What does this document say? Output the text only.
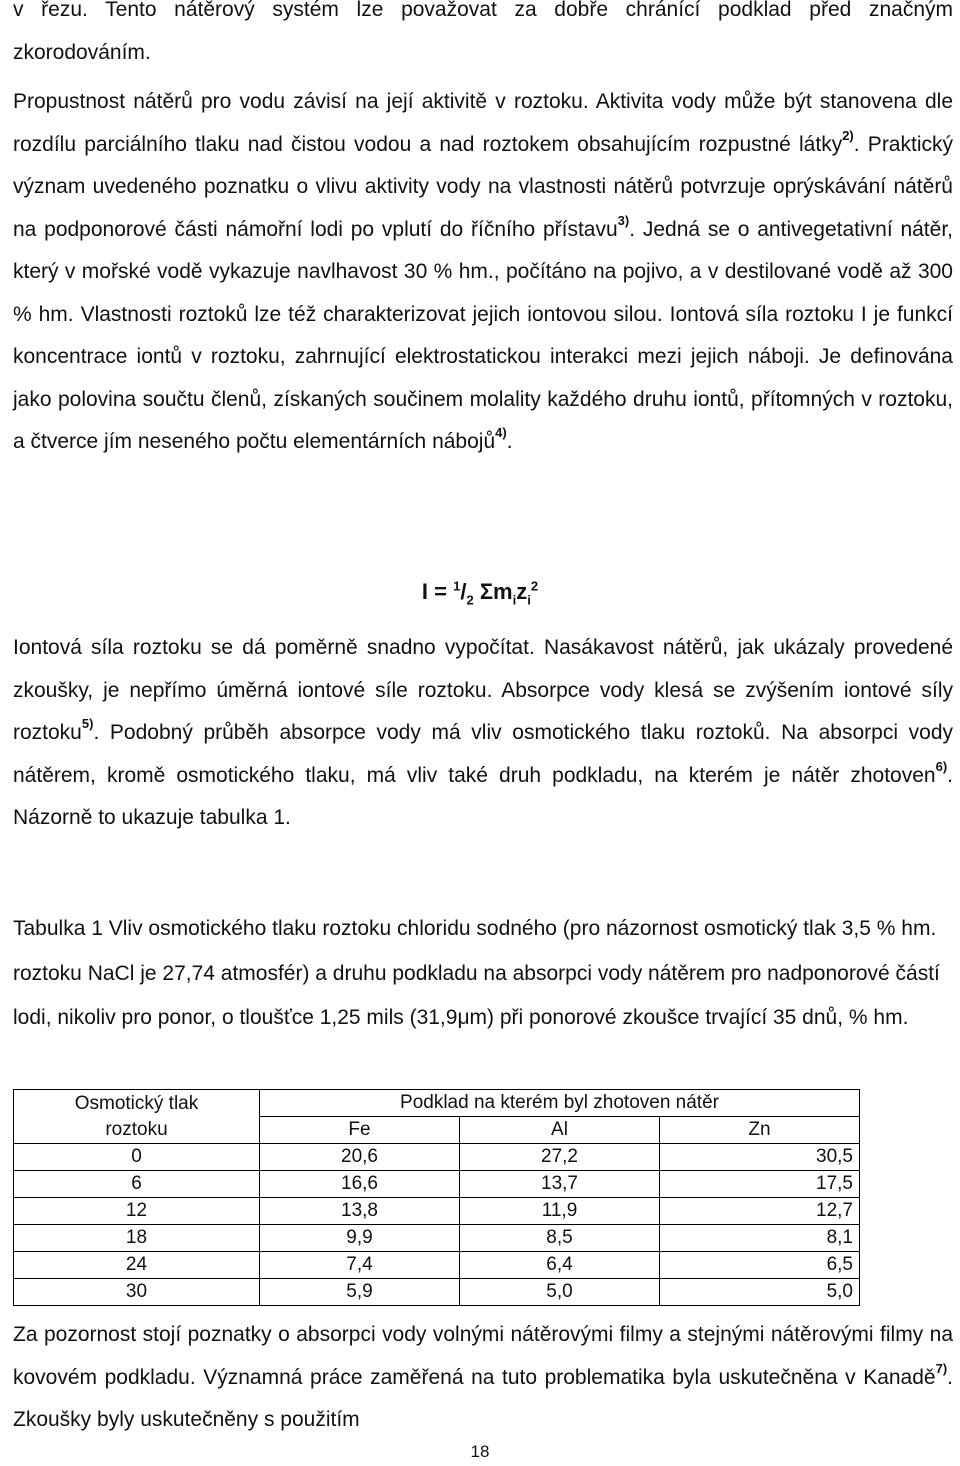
v řezu. Tento nátěrový systém lze považovat za dobře chránící podklad před značným zkorodováním.

Propustnost nátěrů pro vodu závisí na její aktivitě v roztoku. Aktivita vody může být stanovena dle rozdílu parciálního tlaku nad čistou vodou a nad roztokem obsahujícím rozpustné látky$^{2)}$. Praktický význam uvedeného poznatku o vlivu aktivity vody na vlastnosti nátěrů potvrzuje oprýskávání nátěrů na podponorové části námořní lodi po vplutí do říčního přístavu$^{3)}$. Jedná se o antivegetativní nátěr, který v mořské vodě vykazuje navlhavost 30 % hm., počítáno na pojivo, a v destilované vodě až 300 % hm. Vlastnosti roztoků lze též charakterizovat jejich iontovou silou. Iontová síla roztoku I je funkcí koncentrace iontů v roztoku, zahrnující elektrostatickou interakci mezi jejich náboji. Je definována jako polovina součtu členů, získaných součinem molality každého druhu iontů, přítomných v roztoku, a čtverce jím neseného počtu elementárních nábojů$^{4)}$.

$I = ^1/_2$ $\Sigma m_iz_i^2$

Iontová síla roztoku se dá poměrně snadno vypočítat. Nasákavost nátěrů, jak ukázaly provedené zkoušky, je nepřímo úměrná iontové síle roztoku. Absorpce vody klesá se zvýšením iontové síly roztoku$^{5)}$. Podobný průběh absorpce vody má vliv osmotického tlaku roztoků. Na absorpci vody nátěrem, kromě osmotického tlaku, má vliv také druh podkladu, na kterém je nátěr zhotoven$^{6)}$. Názorně to ukazuje tabulka 1.

Tabulka 1 Vliv osmotického tlaku roztoku chloridu sodného (pro názornost osmotický tlak 3,5 % hm. roztoku NaCl je 27,74 atmosfér) a druhu podkladu na absorpci vody nátěrem pro nadponorové částí lodi, nikoliv pro ponor, o tloušťce 1,25 mils (31,9μm) při ponorové zkoušce trvající 35 dnů, % hm.

Osmotický tlak
roztoku	Podklad na kterém byl zhotoven nátěr		
	Fe	Al	Zn
0	20,6	27,2	30,5
6	16,6	13,7	17,5
12	13,8	11,9	12,7
18	9,9	8,5	8,1
24	7,4	6,4	6,5
30	5,9	5,0	5,0

Za pozornost stojí poznatky o absorpci vody volnými nátěrovými filmy a stejnými nátěrovými filmy na kovovém podkladu. Významná práce zaměřená na tuto problematika byla uskutečněna v Kanadě$^{7)}$. Zkoušky byly uskutečněny s použitím

18
